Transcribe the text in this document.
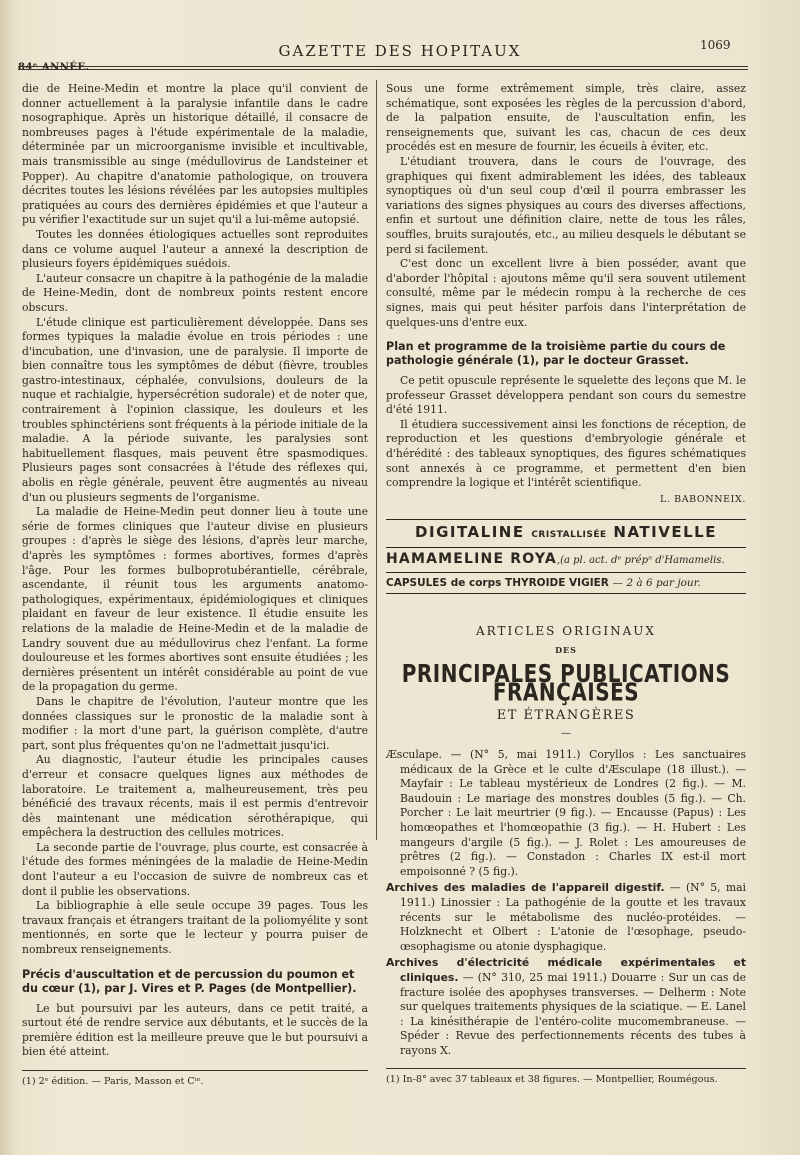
1069
GAZETTE DES HOPITAUX
84ᵉ ANNÉE.

die de Heine-Medin et montre la place qu'il convient de donner actuellement à la paralysie infantile dans le cadre nosographique. Après un historique détaillé, il consacre de nombreuses pages à l'étude expérimentale de la maladie, déterminée par un microorganisme invisible et incultivable, mais transmissible au singe (médullovirus de Landsteiner et Popper). Au chapitre d'anatomie pathologique, on trouvera décrites toutes les lésions révélées par les autopsies multiples pratiquées au cours des dernières épidémies et que l'auteur a pu vérifier l'exactitude sur un sujet qu'il a lui-même autopsié.

Toutes les données étiologiques actuelles sont reproduites dans ce volume auquel l'auteur a annexé la description de plusieurs foyers épidémiques suédois.

L'auteur consacre un chapitre à la pathogénie de la maladie de Heine-Medin, dont de nombreux points restent encore obscurs.

L'étude clinique est particulièrement développée. Dans ses formes typiques la maladie évolue en trois périodes : une d'incubation, une d'invasion, une de paralysie. Il importe de bien connaître tous les symptômes de début (fièvre, troubles gastro-intestinaux, céphalée, convulsions, douleurs de la nuque et rachialgie, hypersécrétion sudorale) et de noter que, contrairement à l'opinion classique, les douleurs et les troubles sphinctériens sont fréquents à la période initiale de la maladie. A la période suivante, les paralysies sont habituellement flasques, mais peuvent être spasmodiques. Plusieurs pages sont consacrées à l'étude des réflexes qui, abolis en règle générale, peuvent être augmentés au niveau d'un ou plusieurs segments de l'organisme.

La maladie de Heine-Medin peut donner lieu à toute une série de formes cliniques que l'auteur divise en plusieurs groupes : d'après le siège des lésions, d'après leur marche, d'après les symptômes : formes abortives, formes d'après l'âge. Pour les formes bulboprotubérantielle, cérébrale, ascendante, il réunit tous les arguments anatomo-pathologiques, expérimentaux, épidémiologiques et cliniques plaidant en faveur de leur existence. Il étudie ensuite les relations de la maladie de Heine-Medin et de la maladie de Landry souvent due au médullovirus chez l'enfant. La forme douloureuse et les formes abortives sont ensuite étudiées ; les dernières présentent un intérêt considérable au point de vue de la propagation du germe.

Dans le chapitre de l'évolution, l'auteur montre que les données classiques sur le pronostic de la maladie sont à modifier : la mort d'une part, la guérison complète, d'autre part, sont plus fréquentes qu'on ne l'admettait jusqu'ici.

Au diagnostic, l'auteur étudie les principales causes d'erreur et consacre quelques lignes aux méthodes de laboratoire. Le traitement a, malheureusement, très peu bénéficié des travaux récents, mais il est permis d'entrevoir dès maintenant une médication sérothérapique, qui empêchera la destruction des cellules motrices.

La seconde partie de l'ouvrage, plus courte, est consacrée à l'étude des formes méningées de la maladie de Heine-Medin dont l'auteur a eu l'occasion de suivre de nombreux cas et dont il publie les observations.

La bibliographie à elle seule occupe 39 pages. Tous les travaux français et étrangers traitant de la poliomyélite y sont mentionnés, en sorte que le lecteur y pourra puiser de nombreux renseignements.

Précis d'auscultation et de percussion du poumon et du cœur (1), par J. Vires et P. Pages (de Montpellier).

Le but poursuivi par les auteurs, dans ce petit traité, a surtout été de rendre service aux débutants, et le succès de la première édition est la meilleure preuve que le but poursuivi a bien été atteint.

(1) 2ᵉ édition. — Paris, Masson et Cⁱᵉ.

Sous une forme extrêmement simple, très claire, assez schématique, sont exposées les règles de la percussion d'abord, de la palpation ensuite, de l'auscultation enfin, les renseignements que, suivant les cas, chacun de ces deux procédés est en mesure de fournir, les écueils à éviter, etc.

L'étudiant trouvera, dans le cours de l'ouvrage, des graphiques qui fixent admirablement les idées, des tableaux synoptiques où d'un seul coup d'œil il pourra embrasser les variations des signes physiques au cours des diverses affections, enfin et surtout une définition claire, nette de tous les râles, souffles, bruits surajoutés, etc., au milieu desquels le débutant se perd si facilement.

C'est donc un excellent livre à bien posséder, avant que d'aborder l'hôpital : ajoutons même qu'il sera souvent utilement consulté, même par le médecin rompu à la recherche de ces signes, mais qui peut hésiter parfois dans l'interprétation de quelques-uns d'entre eux.

Plan et programme de la troisième partie du cours de pathologie générale (1), par le docteur Grasset.

Ce petit opuscule représente le squelette des leçons que M. le professeur Grasset développera pendant son cours du semestre d'été 1911.

Il étudiera successivement ainsi les fonctions de réception, de reproduction et les questions d'embryologie générale et d'hérédité : des tableaux synoptiques, des figures schématiques sont annexés à ce programme, et permettent d'en bien comprendre la logique et l'intérêt scientifique.

L. BABONNEIX.
DIGITALINE CRISTALLISÉE NATIVELLE
HAMAMELINE ROYA,(a pl. act. dᵉ prépⁿ d'Hamamelis.
CAPSULES de corps THYROIDE VIGIER — 2 à 6 par jour.
ARTICLES ORIGINAUX
DES
PRINCIPALES PUBLICATIONS FRANÇAISES
ET ÉTRANGÈRES
—

Æsculape. — (N° 5, mai 1911.) Coryllos : Les sanctuaires médicaux de la Grèce et le culte d'Æsculape (18 illust.). — Mayfair : Le tableau mystérieux de Londres (2 fig.). — M. Baudouin : Le mariage des monstres doubles (5 fig.). — Ch. Porcher : Le lait meurtrier (9 fig.). — Encausse (Papus) : Les homœopathes et l'homœopathie (3 fig.). — H. Hubert : Les mangeurs d'argile (5 fig.). — J. Rolet : Les amoureuses de prêtres (2 fig.). — Constadon : Charles IX est-il mort empoisonné ? (5 fig.).

Archives des maladies de l'appareil digestif. — (N° 5, mai 1911.) Linossier : La pathogénie de la goutte et les travaux récents sur le métabolisme des nucléo-protéides. — Holzknecht et Olbert : L'atonie de l'œsophage, pseudo-œsophagisme ou atonie dysphagique.

Archives d'électricité médicale expérimentales et cliniques. — (N° 310, 25 mai 1911.) Douarre : Sur un cas de fracture isolée des apophyses transverses. — Delherm : Note sur quelques traitements physiques de la sciatique. — E. Lanel : La kinésithérapie de l'entéro-colite mucomembraneuse. — Spéder : Revue des perfectionnements récents des tubes à rayons X.

(1) In-8° avec 37 tableaux et 38 figures. — Montpellier, Roumégous.
